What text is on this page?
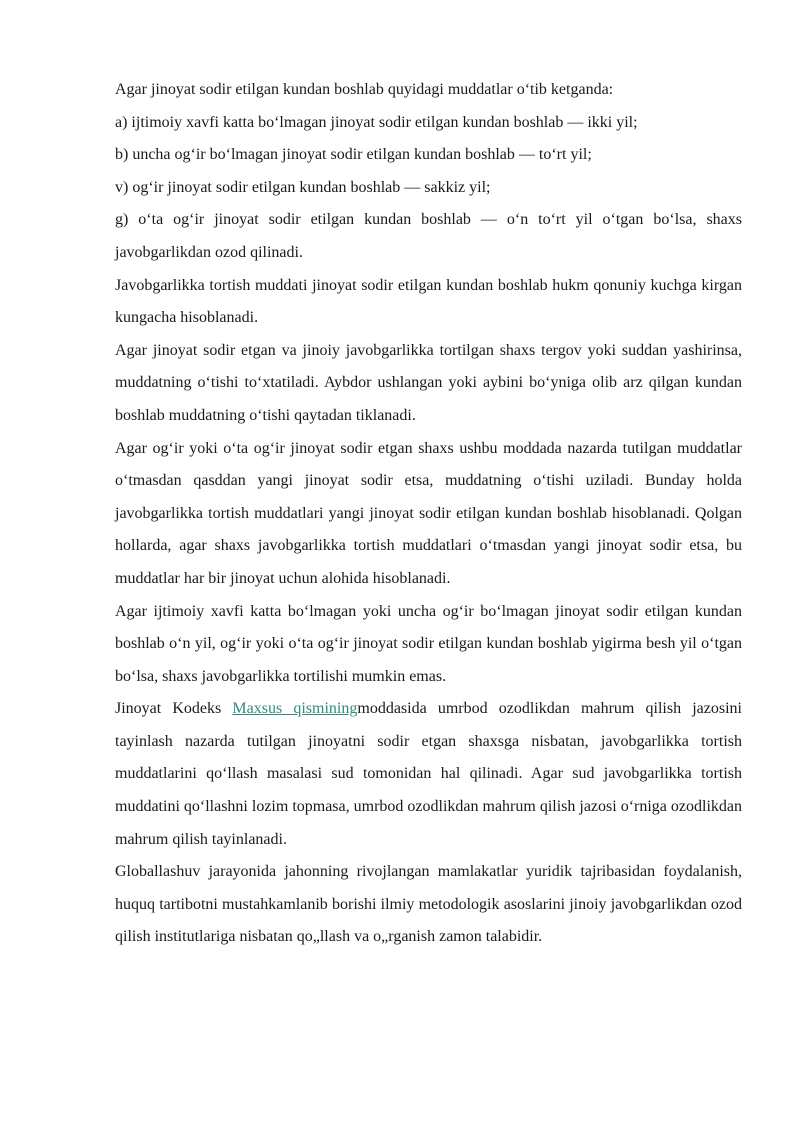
Agar jinoyat sodir etilgan kundan boshlab quyidagi muddatlar o‘tib ketganda:

a) ijtimoiy xavfi katta bo‘lmagan jinoyat sodir etilgan kundan boshlab — ikki yil;

b) uncha og‘ir bo‘lmagan jinoyat sodir etilgan kundan boshlab — to‘rt yil;

v) og‘ir jinoyat sodir etilgan kundan boshlab — sakkiz yil;

g) o‘ta og‘ir jinoyat sodir etilgan kundan boshlab — o‘n to‘rt yil o‘tgan bo‘lsa, shaxs javobgarlikdan ozod qilinadi.

Javobgarlikka tortish muddati jinoyat sodir etilgan kundan boshlab hukm qonuniy kuchga kirgan kungacha hisoblanadi.

Agar jinoyat sodir etgan va jinoiy javobgarlikka tortilgan shaxs tergov yoki suddan yashirinsa, muddatning o‘tishi to‘xtatiladi. Aybdor ushlangan yoki aybini bo‘yniga olib arz qilgan kundan boshlab muddatning o‘tishi qaytadan tiklanadi.

Agar og‘ir yoki o‘ta og‘ir jinoyat sodir etgan shaxs ushbu moddada nazarda tutilgan muddatlar o‘tmasdan qasddan yangi jinoyat sodir etsa, muddatning o‘tishi uziladi. Bunday holda javobgarlikka tortish muddatlari yangi jinoyat sodir etilgan kundan boshlab hisoblanadi. Qolgan hollarda, agar shaxs javobgarlikka tortish muddatlari o‘tmasdan yangi jinoyat sodir etsa, bu muddatlar har bir jinoyat uchun alohida hisoblanadi.

Agar ijtimoiy xavfi katta bo‘lmagan yoki uncha og‘ir bo‘lmagan jinoyat sodir etilgan kundan boshlab o‘n yil, og‘ir yoki o‘ta og‘ir jinoyat sodir etilgan kundan boshlab yigirma besh yil o‘tgan bo‘lsa, shaxs javobgarlikka tortilishi mumkin emas.

Jinoyat Kodeks Maxsus qisminingmoddasida umrbod ozodlikdan mahrum qilish jazosini tayinlash nazarda tutilgan jinoyatni sodir etgan shaxsga nisbatan, javobgarlikka tortish muddatlarini qo‘llash masalasi sud tomonidan hal qilinadi. Agar sud javobgarlikka tortish muddatini qo‘llashni lozim topmasa, umrbod ozodlikdan mahrum qilish jazosi o‘rniga ozodlikdan mahrum qilish tayinlanadi.

Globallashuv jarayonida jahonning rivojlangan mamlakatlar yuridik tajribasidan foydalanish, huquq tartibotni mustahkamlanib borishi ilmiy metodologik asoslarini jinoiy javobgarlikdan ozod qilish institutlariga nisbatan qo„llash va o„rganish zamon talabidir.
